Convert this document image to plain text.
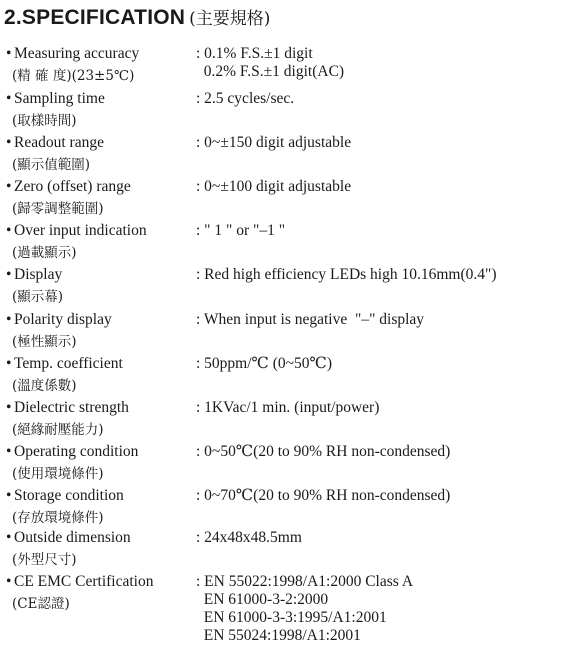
2.SPECIFICATION (主要規格)
• Measuring accuracy
(精 確 度)(23±5℃)
: 0.1% F.S.±1 digit
0.2% F.S.±1 digit(AC)
• Sampling time
(取樣時間)
: 2.5 cycles/sec.
• Readout range
(顯示值範圍)
: 0~±150 digit adjustable
• Zero (offset) range
(歸零調整範圍)
: 0~±100 digit adjustable
• Over input indication
(過載顯示)
: " 1 " or "–1 "
• Display
(顯示幕)
: Red high efficiency LEDs high 10.16mm(0.4")
• Polarity display
(極性顯示)
: When input is negative  "–" display
• Temp. coefficient
(溫度係數)
: 50ppm/℃ (0~50℃)
• Dielectric strength
(絕緣耐壓能力)
: 1KVac/1 min. (input/power)
• Operating condition
(使用環境條件)
: 0~50℃(20 to 90% RH non-condensed)
• Storage condition
(存放環境條件)
: 0~70℃(20 to 90% RH non-condensed)
• Outside dimension
(外型尺寸)
: 24x48x48.5mm
• CE EMC Certification
(CE認證)
: EN 55022:1998/A1:2000 Class A
EN 61000-3-2:2000
EN 61000-3-3:1995/A1:2001
EN 55024:1998/A1:2001
